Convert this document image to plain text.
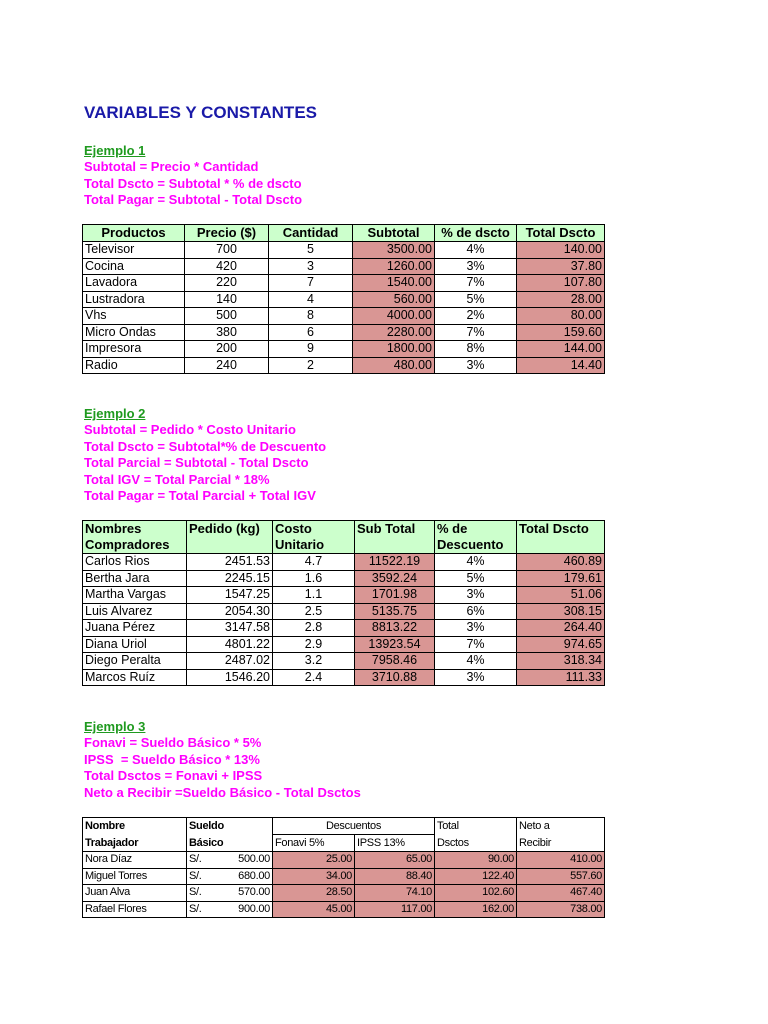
VARIABLES Y CONSTANTES
Ejemplo 1
Subtotal = Precio * Cantidad
Total Dscto = Subtotal * % de dscto
Total Pagar = Subtotal - Total Dscto
Productos	Precio ($)	Cantidad	Subtotal	% de dscto	Total Dscto
Televisor	700	5	3500.00	4%	140.00
Cocina	420	3	1260.00	3%	37.80
Lavadora	220	7	1540.00	7%	107.80
Lustradora	140	4	560.00	5%	28.00
Vhs	500	8	4000.00	2%	80.00
Micro Ondas	380	6	2280.00	7%	159.60
Impresora	200	9	1800.00	8%	144.00
Radio	240	2	480.00	3%	14.40
Ejemplo 2
Subtotal = Pedido * Costo Unitario
Total Dscto = Subtotal*% de Descuento
Total Parcial = Subtotal - Total Dscto
Total IGV = Total Parcial * 18%
Total Pagar = Total Parcial + Total IGV
Nombres Compradores	Pedido (kg)	Costo Unitario	Sub Total	% de Descuento	Total Dscto
Carlos Rios	2451.53	4.7	11522.19	4%	460.89
Bertha Jara	2245.15	1.6	3592.24	5%	179.61
Martha Vargas	1547.25	1.1	1701.98	3%	51.06
Luis Alvarez	2054.30	2.5	5135.75	6%	308.15
Juana Pérez	3147.58	2.8	8813.22	3%	264.40
Diana Uriol	4801.22	2.9	13923.54	7%	974.65
Diego Peralta	2487.02	3.2	7958.46	4%	318.34
Marcos Ruíz	1546.20	2.4	3710.88	3%	111.33
Ejemplo 3
Fonavi = Sueldo Básico * 5%
IPSS  = Sueldo Básico * 13%
Total Dsctos = Fonavi + IPSS
Neto a Recibir =Sueldo Básico - Total Dsctos
Nombre	Sueldo	Descuentos		Total	Neto a
Trabajador	Básico	Fonavi 5%	IPSS 13%	Dsctos	Recibir
Nora Díaz	S/. 500.00	25.00	65.00	90.00	410.00
Miguel Torres	S/. 680.00	34.00	88.40	122.40	557.60
Juan Alva	S/. 570.00	28.50	74.10	102.60	467.40
Rafael Flores	S/. 900.00	45.00	117.00	162.00	738.00
